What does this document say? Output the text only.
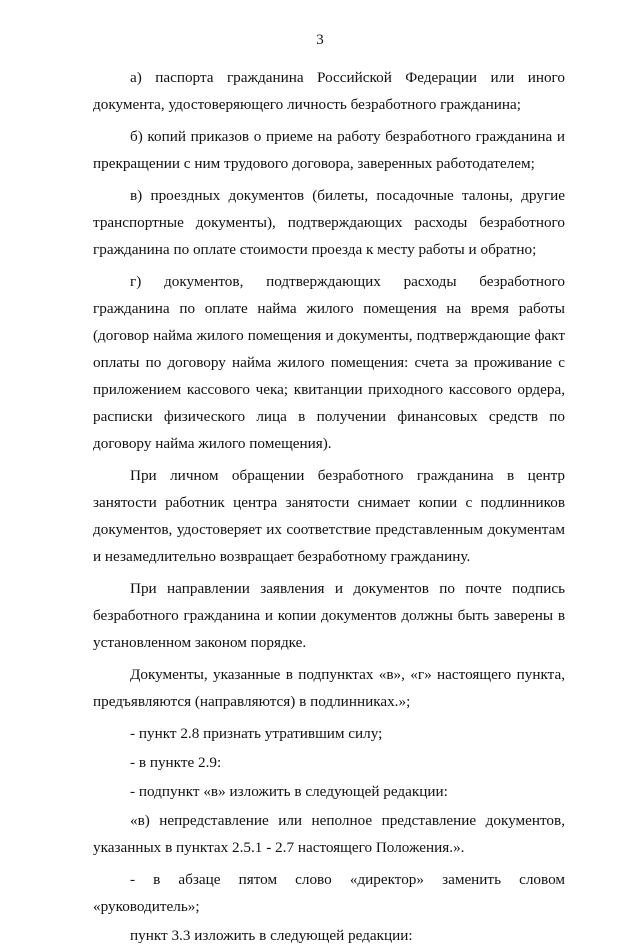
3

а) паспорта гражданина Российской Федерации или иного документа, удостоверяющего личность безработного гражданина;

б) копий приказов о приеме на работу безработного гражданина и прекращении с ним трудового договора, заверенных работодателем;

в) проездных документов (билеты, посадочные талоны, другие транспортные документы), подтверждающих расходы безработного гражданина по оплате стоимости проезда к месту работы и обратно;

г) документов, подтверждающих расходы безработного гражданина по оплате найма жилого помещения на время работы (договор найма жилого помещения и документы, подтверждающие факт оплаты по договору найма жилого помещения: счета за проживание с приложением кассового чека; квитанции приходного кассового ордера, расписки физического лица в получении финансовых средств по договору найма жилого помещения).

При личном обращении безработного гражданина в центр занятости работник центра занятости снимает копии с подлинников документов, удостоверяет их соответствие представленным документам и незамедлительно возвращает безработному гражданину.

При направлении заявления и документов по почте подпись безработного гражданина и копии документов должны быть заверены в установленном законом порядке.

Документы, указанные в подпунктах «в», «г» настоящего пункта, предъявляются (направляются) в подлинниках.»;

- пункт 2.8 признать утратившим силу;

- в пункте 2.9:

- подпункт «в» изложить в следующей редакции:

«в) непредставление или неполное представление документов, указанных в пунктах 2.5.1 - 2.7 настоящего Положения.».

- в абзаце пятом слово «директор» заменить словом «руководитель»;

пункт 3.3 изложить в следующей редакции:
